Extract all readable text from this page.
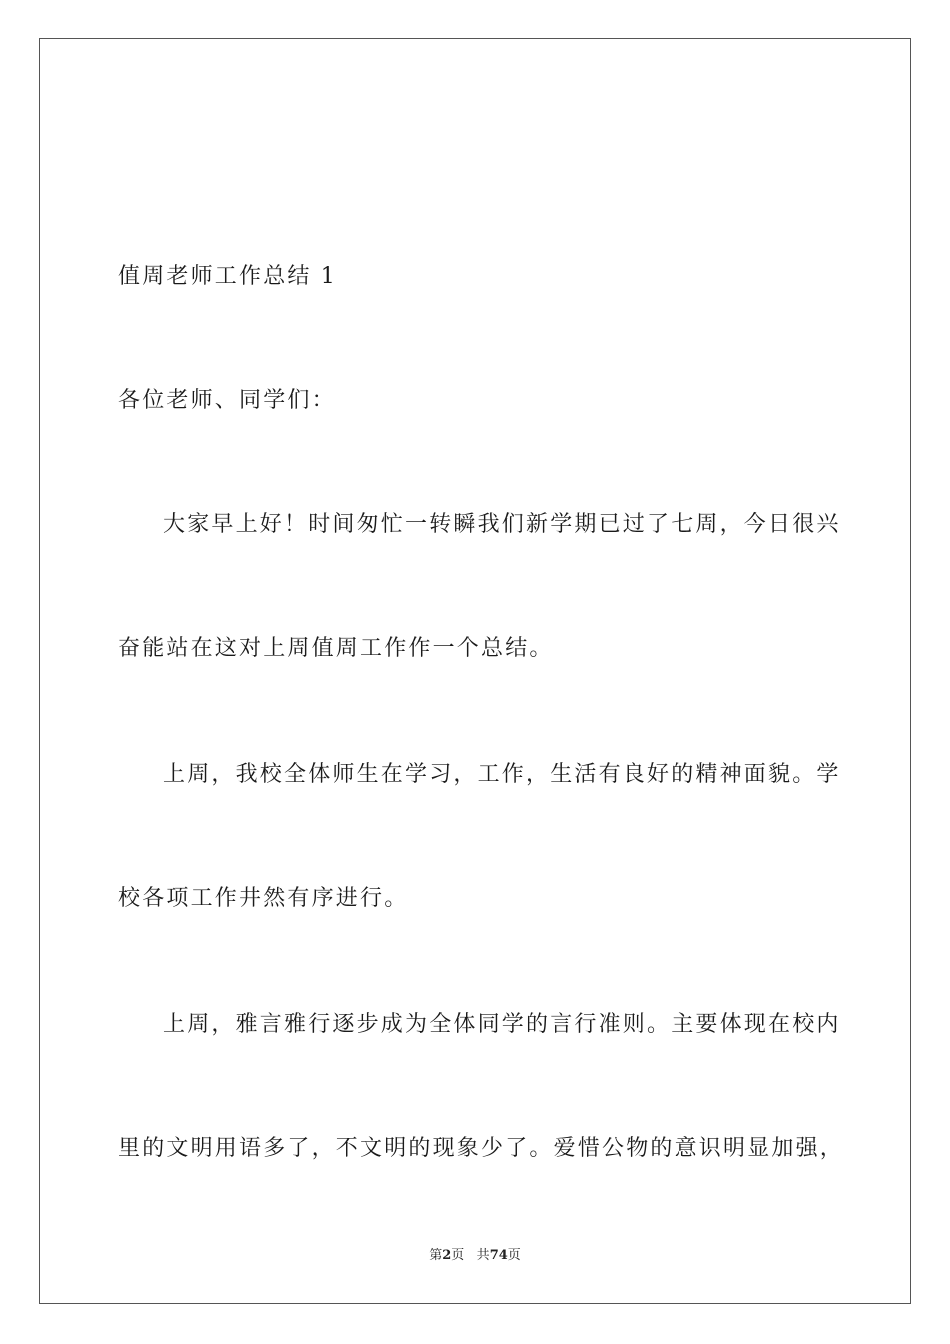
值周老师工作总结 1
各位老师、同学们：
大家早上好！时间匆忙一转瞬我们新学期已过了七周，今日很兴
奋能站在这对上周值周工作作一个总结。
上周，我校全体师生在学习，工作，生活有良好的精神面貌。学
校各项工作井然有序进行。
上周，雅言雅行逐步成为全体同学的言行准则。主要体现在校内
里的文明用语多了，不文明的现象少了。爱惜公物的意识明显加强，
第2页 共74页
